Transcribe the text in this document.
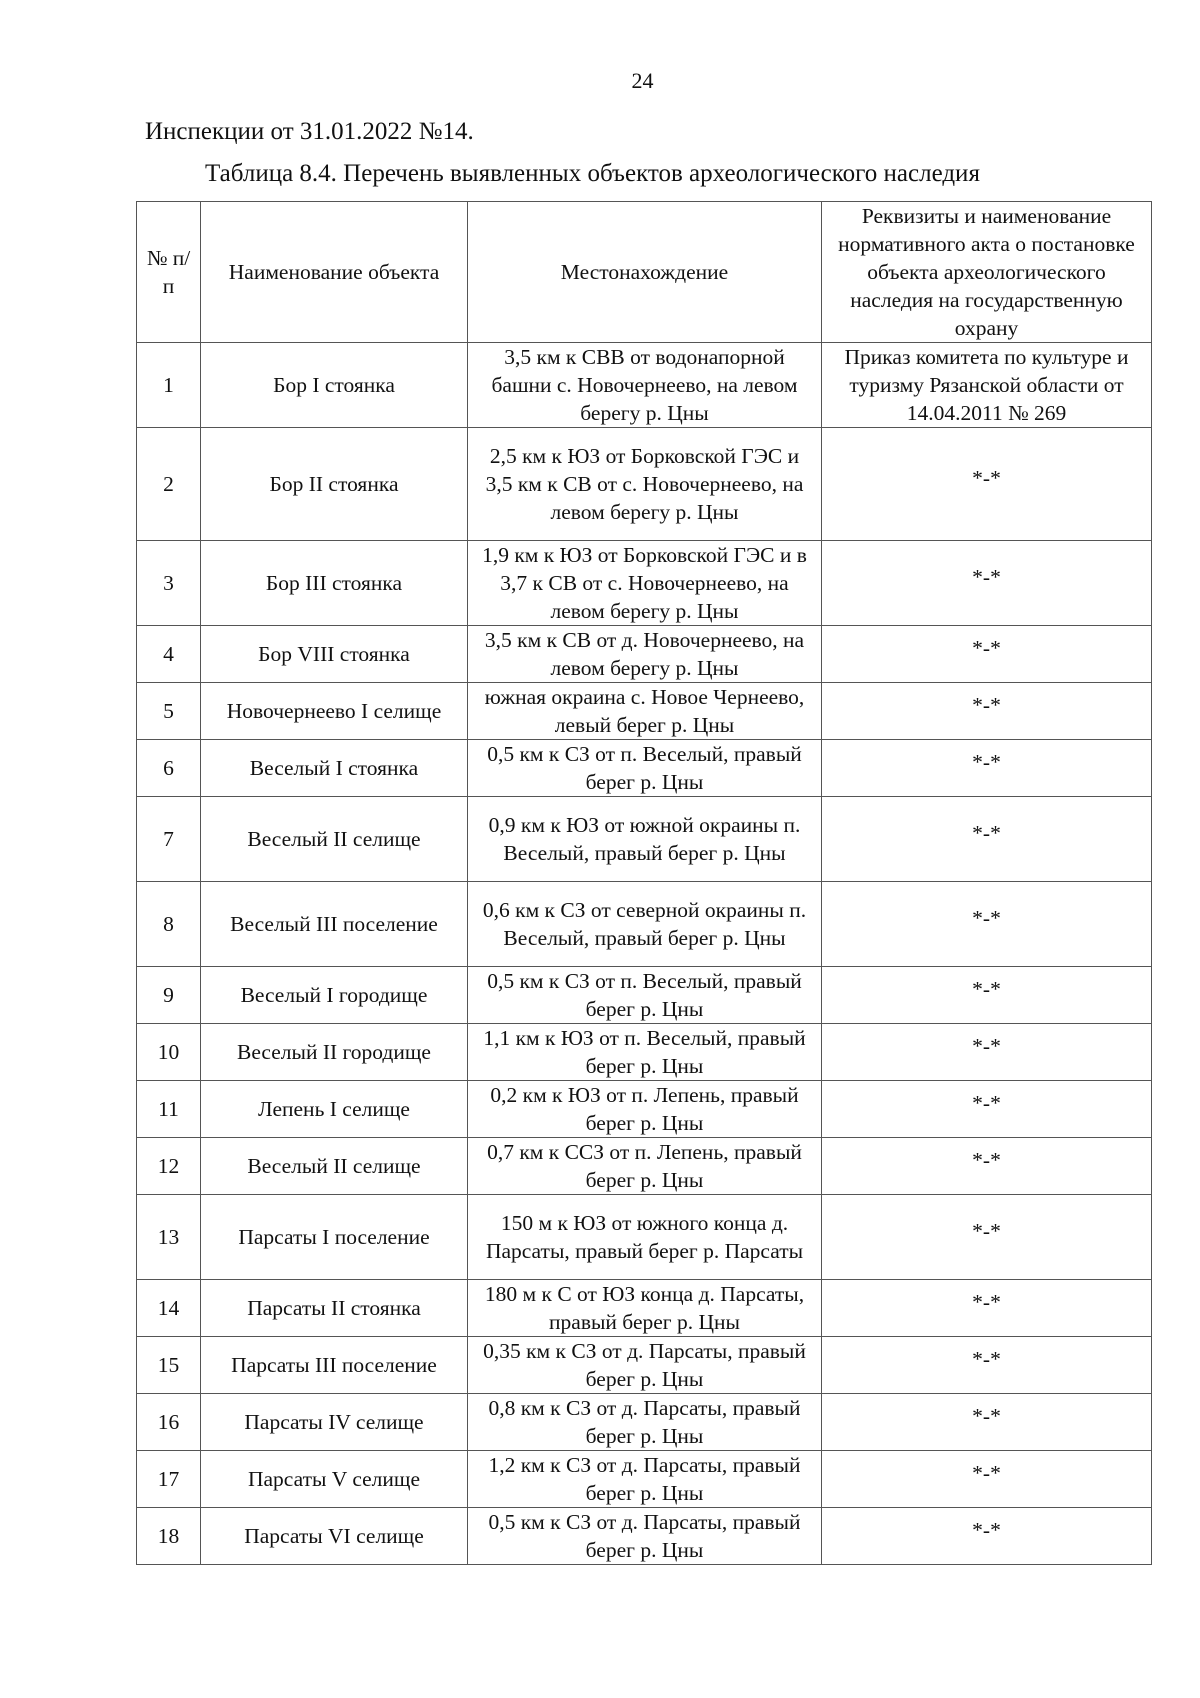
24
Инспекции от 31.01.2022 №14.
Таблица 8.4. Перечень выявленных объектов археологического наследия
№ п/п	Наименование объекта	Местонахождение	Реквизиты и наименование нормативного акта о постановке объекта археологического наследия на государственную охрану
1	Бор I стоянка	3,5 км к СВВ от водонапорной башни с. Новочернеево, на левом берегу р. Цны	Приказ комитета по культуре и туризму Рязанской области от 14.04.2011 № 269
2	Бор II стоянка	2,5 км к ЮЗ от Борковской ГЭС и 3,5 км к СВ от с. Новочернеево, на левом берегу р. Цны	*-*
3	Бор III стоянка	1,9 км к ЮЗ от Борковской ГЭС и в 3,7 к СВ от с. Новочернеево, на левом берегу р. Цны	*-*
4	Бор VIII стоянка	3,5 км к СВ от д. Новочернеево, на левом берегу р. Цны	*-*
5	Новочернеево I селище	южная окраина с. Новое Чернеево, левый берег р. Цны	*-*
6	Веселый I стоянка	0,5 км к СЗ от п. Веселый, правый берег р. Цны	*-*
7	Веселый II селище	0,9 км к ЮЗ от южной окраины п. Веселый, правый берег р. Цны	*-*
8	Веселый III поселение	0,6 км к СЗ от северной окраины п. Веселый, правый берег р. Цны	*-*
9	Веселый I городище	0,5 км к СЗ от п. Веселый, правый берег р. Цны	*-*
10	Веселый II городище	1,1 км к ЮЗ от п. Веселый, правый берег р. Цны	*-*
11	Лепень I селище	0,2 км к ЮЗ от п. Лепень, правый берег р. Цны	*-*
12	Веселый II селище	0,7 км к ССЗ от п. Лепень, правый берег р. Цны	*-*
13	Парсаты I поселение	150 м к ЮЗ от южного конца д. Парсаты, правый берег р. Парсаты	*-*
14	Парсаты II стоянка	180 м к С от ЮЗ конца д. Парсаты, правый берег р. Цны	*-*
15	Парсаты III поселение	0,35 км к СЗ от д. Парсаты, правый берег р. Цны	*-*
16	Парсаты IV селище	0,8 км к СЗ от д. Парсаты, правый берег р. Цны	*-*
17	Парсаты V селище	1,2 км к СЗ от д. Парсаты, правый берег р. Цны	*-*
18	Парсаты VI селище	0,5 км к СЗ от д. Парсаты, правый берег р. Цны	*-*
